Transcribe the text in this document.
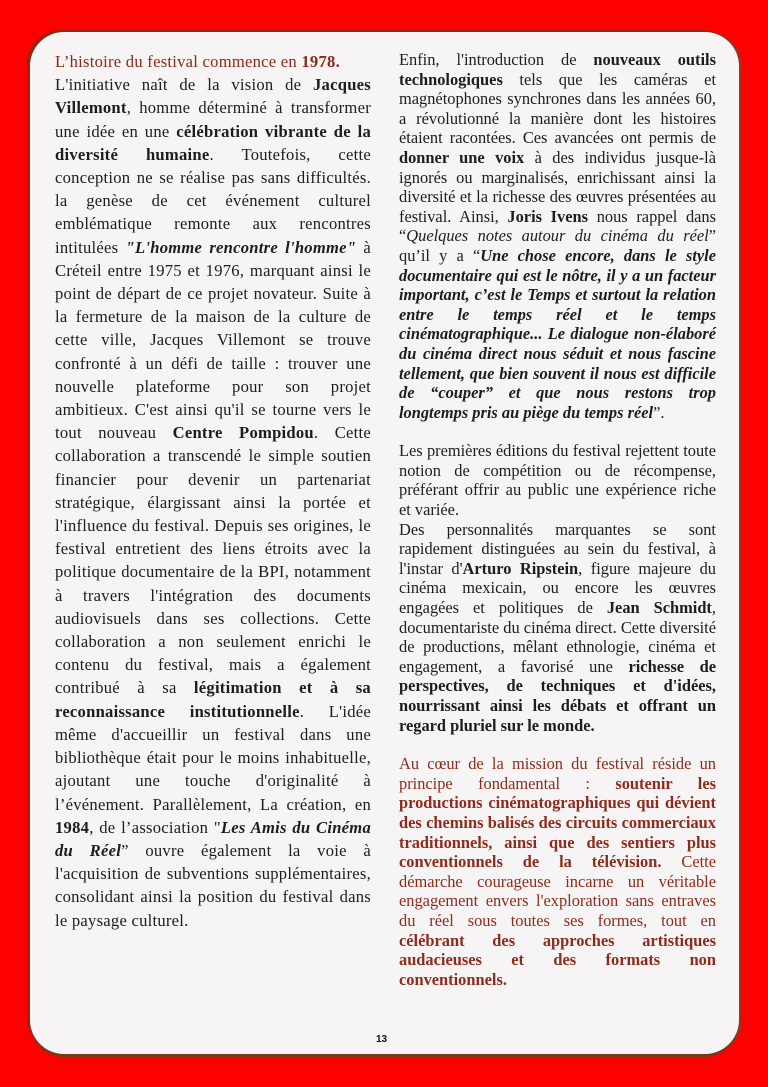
L’histoire du festival commence en 1978.

L'initiative naît de la vision de Jacques Villemont, homme déterminé à transformer une idée en une célébration vibrante de la diversité humaine. Toutefois, cette conception ne se réalise pas sans difficultés. la genèse de cet événement culturel emblématique remonte aux rencontres intitulées "L'homme rencontre l'homme" à Créteil entre 1975 et 1976, marquant ainsi le point de départ de ce projet novateur. Suite à la fermeture de la maison de la culture de cette ville, Jacques Villemont se trouve confronté à un défi de taille : trouver une nouvelle plateforme pour son projet ambitieux. C'est ainsi qu'il se tourne vers le tout nouveau Centre Pompidou. Cette collaboration a transcendé le simple soutien financier pour devenir un partenariat stratégique, élargissant ainsi la portée et l'influence du festival. Depuis ses origines, le festival entretient des liens étroits avec la politique documentaire de la BPI, notamment à travers l'intégration des documents audiovisuels dans ses collections. Cette collaboration a non seulement enrichi le contenu du festival, mais a également contribué à sa légitimation et à sa reconnaissance institutionnelle. L'idée même d'accueillir un festival dans une bibliothèque était pour le moins inhabituelle, ajoutant une touche d'originalité à l’événement. Parallèlement, La création, en 1984, de l’association "Les Amis du Cinéma du Réel” ouvre également la voie à l'acquisition de subventions supplémentaires, consolidant ainsi la position du festival dans le paysage culturel.

Enfin, l'introduction de nouveaux outils technologiques tels que les caméras et magnétophones synchrones dans les années 60, a révolutionné la manière dont les histoires étaient racontées. Ces avancées ont permis de donner une voix à des individus jusque-là ignorés ou marginalisés, enrichissant ainsi la diversité et la richesse des œuvres présentées au festival. Ainsi, Joris Ivens nous rappel dans “Quelques notes autour du cinéma du réel” qu’il y a “Une chose encore, dans le style documentaire qui est le nôtre, il y a un facteur important, c’est le Temps et surtout la relation entre le temps réel et le temps cinématographique... Le dialogue non-élaboré du cinéma direct nous séduit et nous fascine tellement, que bien souvent il nous est difficile de “couper” et que nous restons trop longtemps pris au piège du temps réel”.

Les premières éditions du festival rejettent toute notion de compétition ou de récompense, préférant offrir au public une expérience riche et variée.

Des personnalités marquantes se sont rapidement distinguées au sein du festival, à l'instar d'Arturo Ripstein, figure majeure du cinéma mexicain, ou encore les œuvres engagées et politiques de Jean Schmidt, documentariste du cinéma direct. Cette diversité de productions, mêlant ethnologie, cinéma et engagement, a favorisé une richesse de perspectives, de techniques et d'idées, nourrissant ainsi les débats et offrant un regard pluriel sur le monde.

Au cœur de la mission du festival réside un principe fondamental : soutenir les productions cinématographiques qui dévient des chemins balisés des circuits commerciaux traditionnels, ainsi que des sentiers plus conventionnels de la télévision. Cette démarche courageuse incarne un véritable engagement envers l'exploration sans entraves du réel sous toutes ses formes, tout en célébrant des approches artistiques audacieuses et des formats non conventionnels.

13
